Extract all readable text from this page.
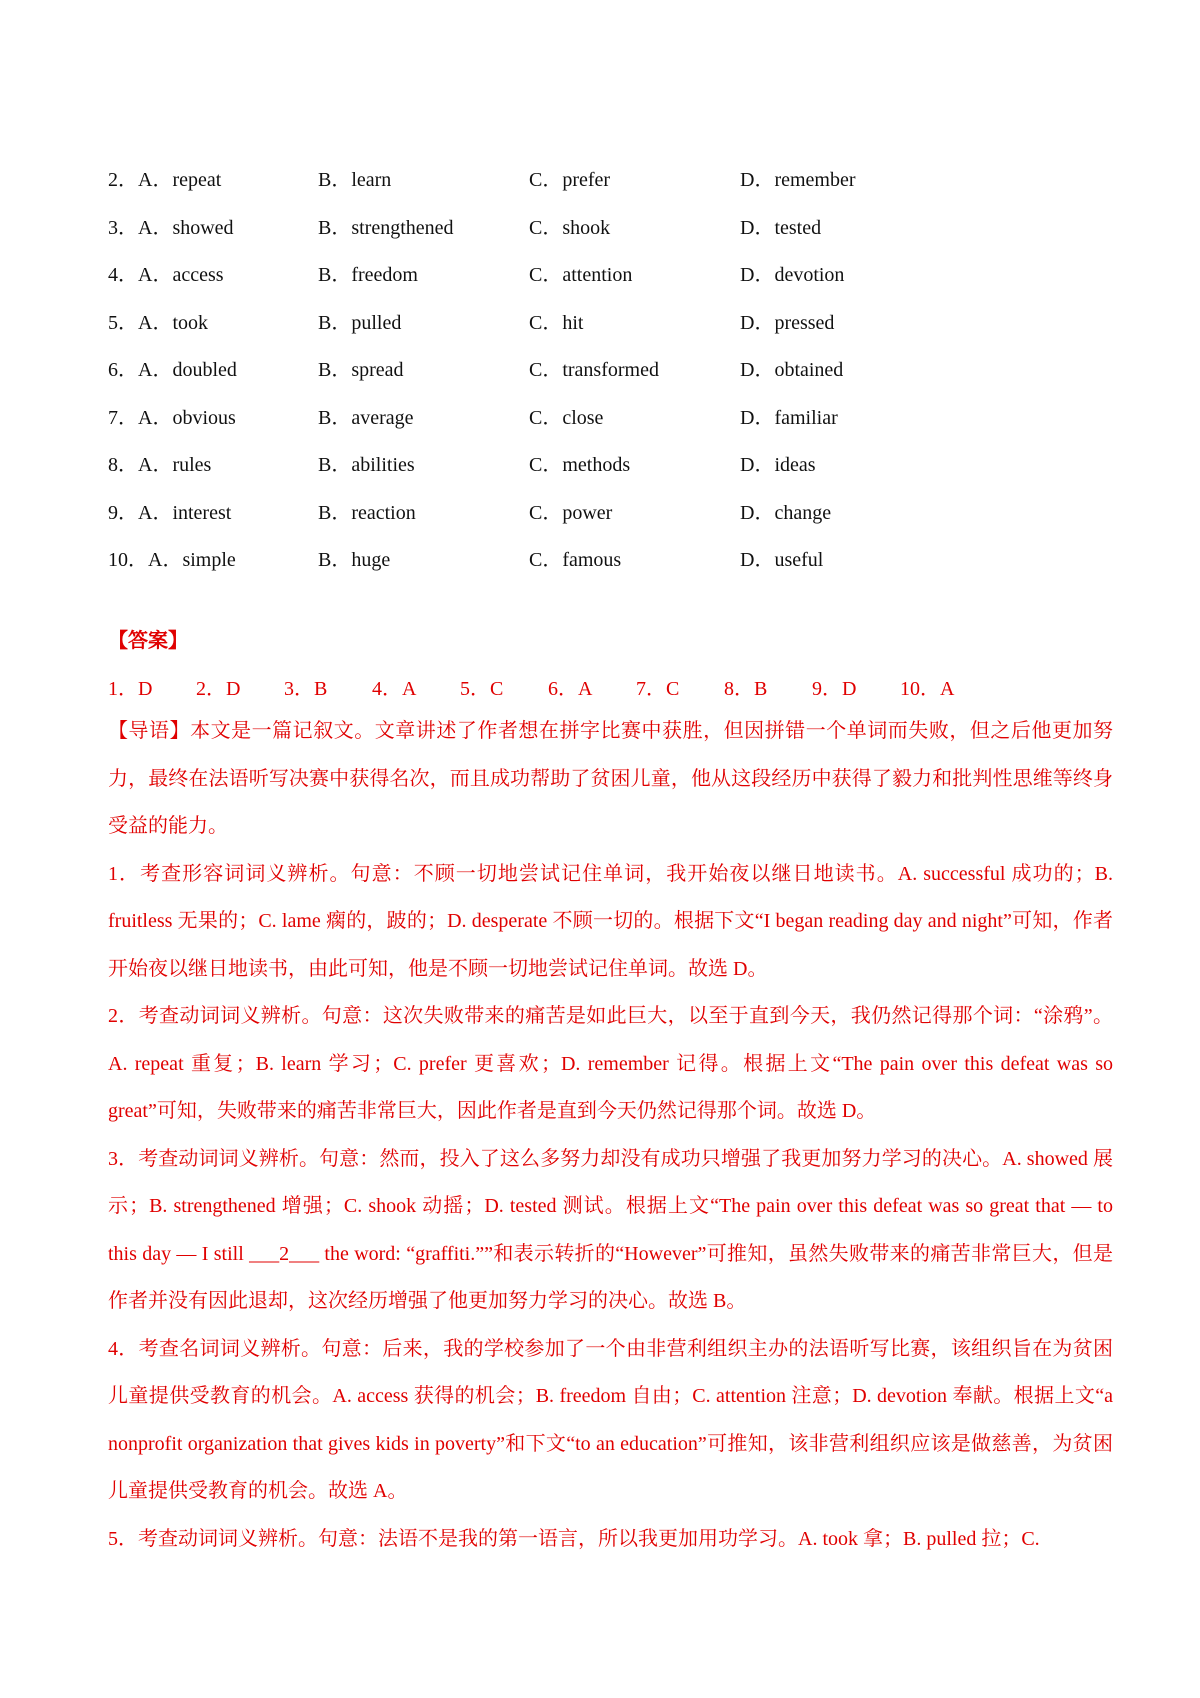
2．A．repeat	B．learn	C．prefer	D．remember
3．A．showed	B．strengthened	C．shook	D．tested
4．A．access	B．freedom	C．attention	D．devotion
5．A．took	B．pulled	C．hit	D．pressed
6．A．doubled	B．spread	C．transformed	D．obtained
7．A．obvious	B．average	C．close	D．familiar
8．A．rules	B．abilities	C．methods	D．ideas
9．A．interest	B．reaction	C．power	D．change
10．A．simple	B．huge	C．famous	D．useful
【答案】
1．D	2．D	3．B	4．A	5．C	6．A	7．C	8．B	9．D	10．A

【导语】本文是一篇记叙文。文章讲述了作者想在拼字比赛中获胜，但因拼错一个单词而失败，但之后他更加努力，最终在法语听写决赛中获得名次，而且成功帮助了贫困儿童，他从这段经历中获得了毅力和批判性思维等终身受益的能力。

1．考查形容词词义辨析。句意：不顾一切地尝试记住单词，我开始夜以继日地读书。A. successful 成功的；B. fruitless 无果的；C. lame 瘸的，跛的；D. desperate 不顾一切的。根据下文“I began reading day and night”可知，作者开始夜以继日地读书，由此可知，他是不顾一切地尝试记住单词。故选 D。

2．考查动词词义辨析。句意：这次失败带来的痛苦是如此巨大，以至于直到今天，我仍然记得那个词：“涂鸦”。A. repeat 重复；B. learn 学习；C. prefer 更喜欢；D. remember 记得。根据上文“The pain over this defeat was so great”可知，失败带来的痛苦非常巨大，因此作者是直到今天仍然记得那个词。故选 D。

3．考查动词词义辨析。句意：然而，投入了这么多努力却没有成功只增强了我更加努力学习的决心。A. showed 展示；B. strengthened 增强；C. shook 动摇；D. tested 测试。根据上文“The pain over this defeat was so great that — to this day — I still ___2___ the word: “graffiti.””和表示转折的“However”可推知，虽然失败带来的痛苦非常巨大，但是作者并没有因此退却，这次经历增强了他更加努力学习的决心。故选 B。

4．考查名词词义辨析。句意：后来，我的学校参加了一个由非营利组织主办的法语听写比赛，该组织旨在为贫困儿童提供受教育的机会。A. access 获得的机会；B. freedom 自由；C. attention 注意；D. devotion 奉献。根据上文“a nonprofit organization that gives kids in poverty”和下文“to an education”可推知，该非营利组织应该是做慈善，为贫困儿童提供受教育的机会。故选 A。

5．考查动词词义辨析。句意：法语不是我的第一语言，所以我更加用功学习。A. took 拿；B. pulled 拉；C.
